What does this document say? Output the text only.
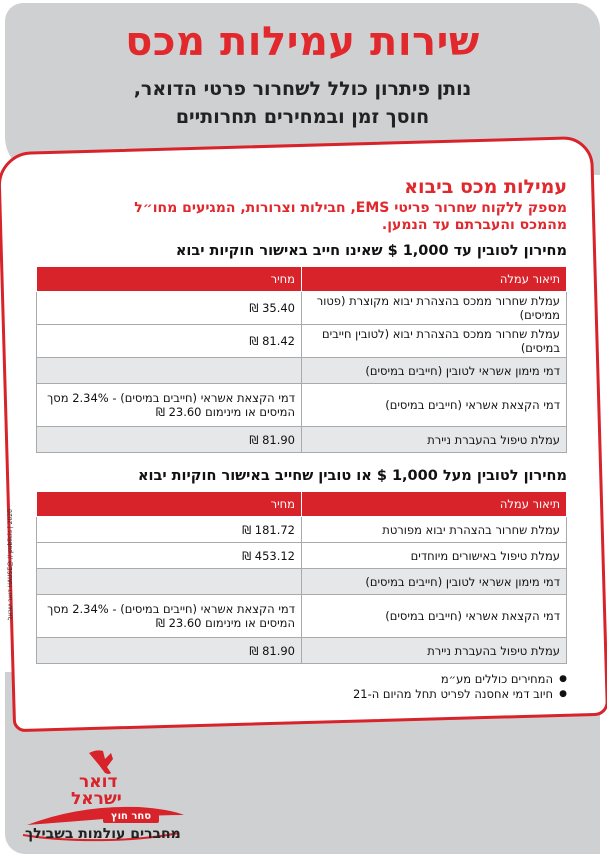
שירות עמילות מכס
נותן פיתרון כולל לשחרור פרטי הדואר,
חוסך זמן ובמחירים תחרותיים
עמילות מכס ביבוא

מספק ללקוח שחרור פריטי EMS, חבילות וצרורות, המגיעים מחו״ל
מהמכס והעברתם עד הנמען.

מחירון לטובין עד 1,000 $ שאינו חייב באישור חוקיות יבוא
תיאור עמלה	מחיר
עמלת שחרור ממכס בהצהרת יבוא מקוצרת (פטור ממיסים)	35.40 ₪
עמלת שחרור ממכס בהצהרת יבוא (לטובין חייבים במיסים)	81.42 ₪
דמי מימון אשראי לטובין (חייבים במיסים)	
דמי הקצאת אשראי (חייבים במיסים)	דמי הקצאת אשראי (חייבים במיסים) - 2.34% מסך המיסים או מינימום 23.60 ₪
עמלת טיפול בהעברת ניירת	81.90 ₪
מחירון לטובין מעל 1,000 $ או טובין שחייב באישור חוקיות יבוא
תיאור עמלה	מחיר
עמלת שחרור בהצהרת יבוא מפורטת	181.72 ₪
עמלת טיפול באישורים מיוחדים	453.12 ₪
דמי מימון אשראי לטובין (חייבים במיסים)	
דמי הקצאת אשראי (חייבים במיסים)	דמי הקצאת אשראי (חייבים במיסים) - 2.34% מסך המיסים או מינימום 23.60 ₪
עמלת טיפול בהעברת ניירת	81.90 ₪
● המחירים כוללים מע״מ
● חיוב דמי אחסנה לפריט תחל מהיום ה-21
HAUSE@ // publicis | 2020 דואר ישראל
דואר
ישראל
סחר חוץ
מחברים עולמות בשבילך
